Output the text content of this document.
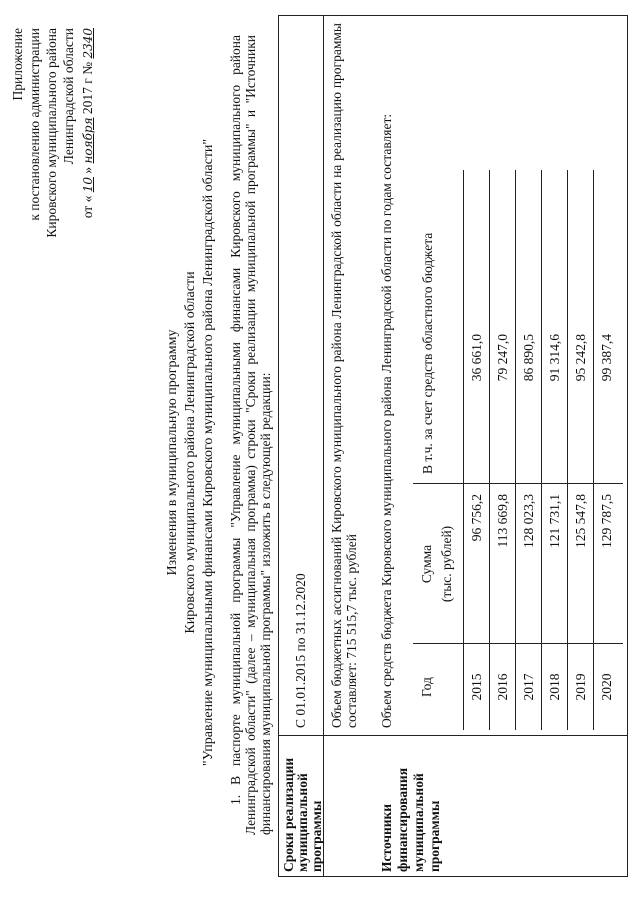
Приложение к постановлению администрации Кировского муниципального района Ленинградской области
от « 10 » ноября 2017 г № 2340
Изменения в муниципальную программу Кировского муниципального района Ленинградской области "Управление муниципальными финансами Кировского муниципального района Ленинградской области" 1. В паспорте муниципальной программы "Управление муниципальными финансами Кировского муниципального района Ленинградской области" (далее – муниципальная программа) строки "Сроки реализации муниципальной программы" и "Источники финансирования муниципальной программы" изложить в следующей редакции: Сроки реализации муниципальной программы
С 01.01.2015 по 31.12.2020
Источники финансирования муниципальной программы
Объем бюджетных ассигнований Кировского муниципального района Ленинградской области на реализацию программы составляет: 715 515,7 тыс. рублей Объем средств бюджета Кировского муниципального района Ленинградской области по годам составляет: Год
Сумма (тыс. рублей)
В т.ч. за счет средств областного бюджета
2015
96 756,2
36 661,0
2016
113 669,8
79 247,0
2017
128 023,3
86 890,5
2018
121 731,1
91 314,6
2019
125 547,8
95 242,8
2020
129 787,5
99 387,4
